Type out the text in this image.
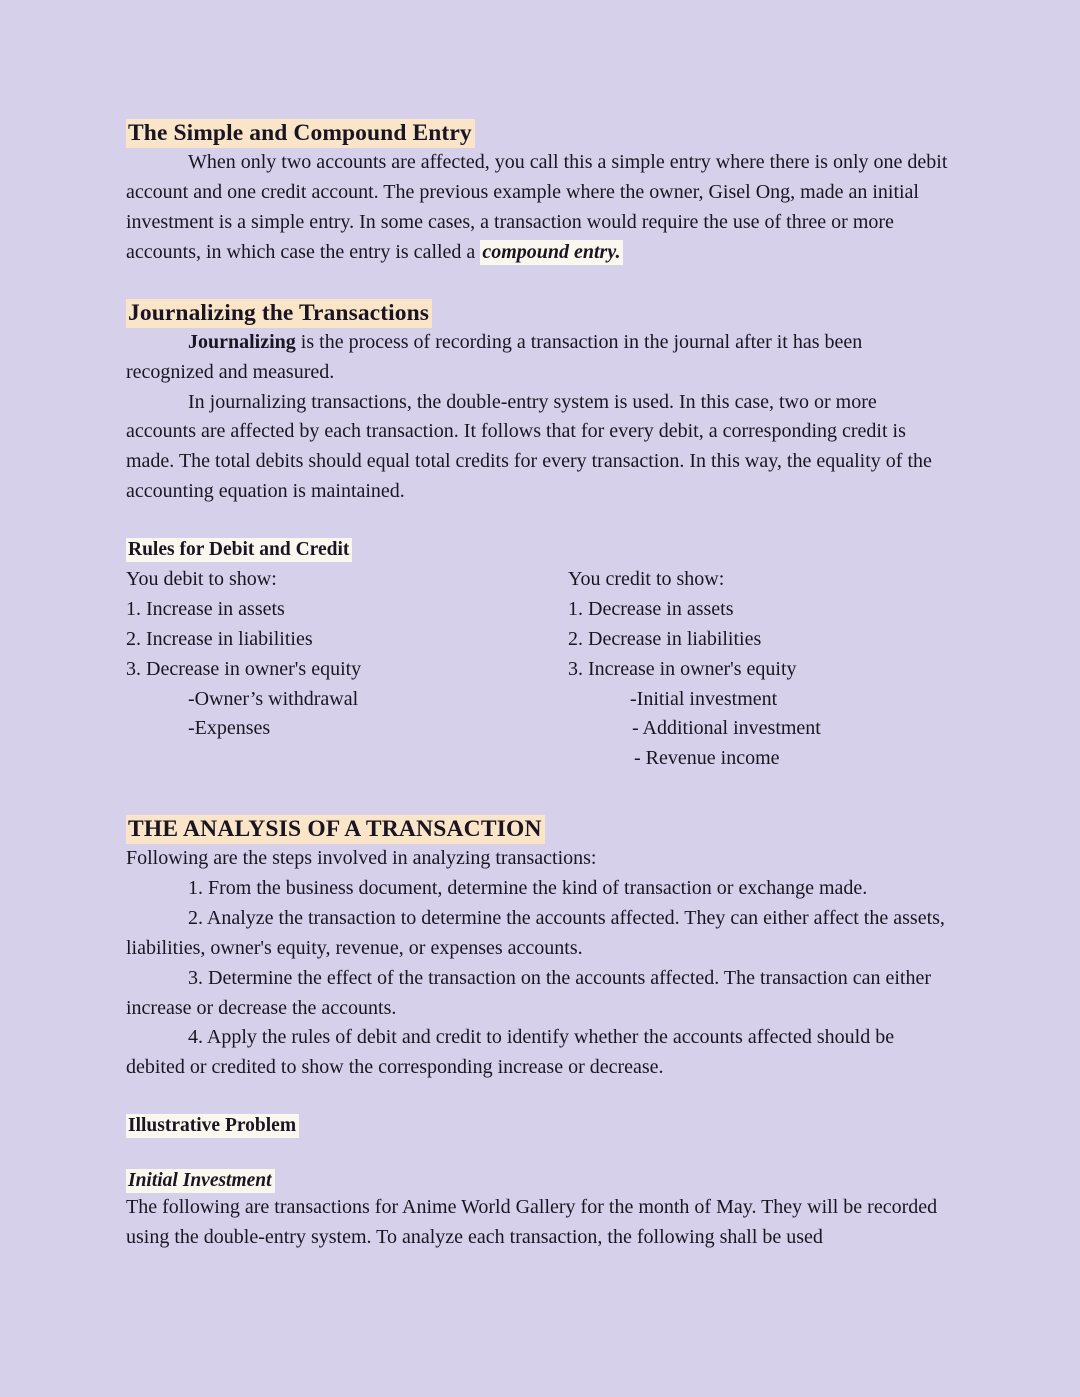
The Simple and Compound Entry

When only two accounts are affected, you call this a simple entry where there is only one debit account and one credit account. The previous example where the owner, Gisel Ong, made an initial investment is a simple entry. In some cases, a transaction would require the use of three or more accounts, in which case the entry is called a compound entry.

Journalizing the Transactions

Journalizing is the process of recording a transaction in the journal after it has been recognized and measured.

In journalizing transactions, the double-entry system is used. In this case, two or more accounts are affected by each transaction. It follows that for every debit, a corresponding credit is made. The total debits should equal total credits for every transaction. In this way, the equality of the accounting equation is maintained.

Rules for Debit and Credit

You debit to show:

1. Increase in assets

2. Increase in liabilities

3. Decrease in owner's equity

-Owner’s withdrawal

-Expenses

You credit to show:

1. Decrease in assets

2. Decrease in liabilities

3. Increase in owner's equity

-Initial investment

- Additional investment

- Revenue income

THE ANALYSIS OF A TRANSACTION

Following are the steps involved in analyzing transactions:

1. From the business document, determine the kind of transaction or exchange made.

2. Analyze the transaction to determine the accounts affected. They can either affect the assets, liabilities, owner's equity, revenue, or expenses accounts.

3. Determine the effect of the transaction on the accounts affected. The transaction can either increase or decrease the accounts.

4. Apply the rules of debit and credit to identify whether the accounts affected should be debited or credited to show the corresponding increase or decrease.

Illustrative Problem
Initial Investment

The following are transactions for Anime World Gallery for the month of May. They will be recorded using the double-entry system. To analyze each transaction, the following shall be used
